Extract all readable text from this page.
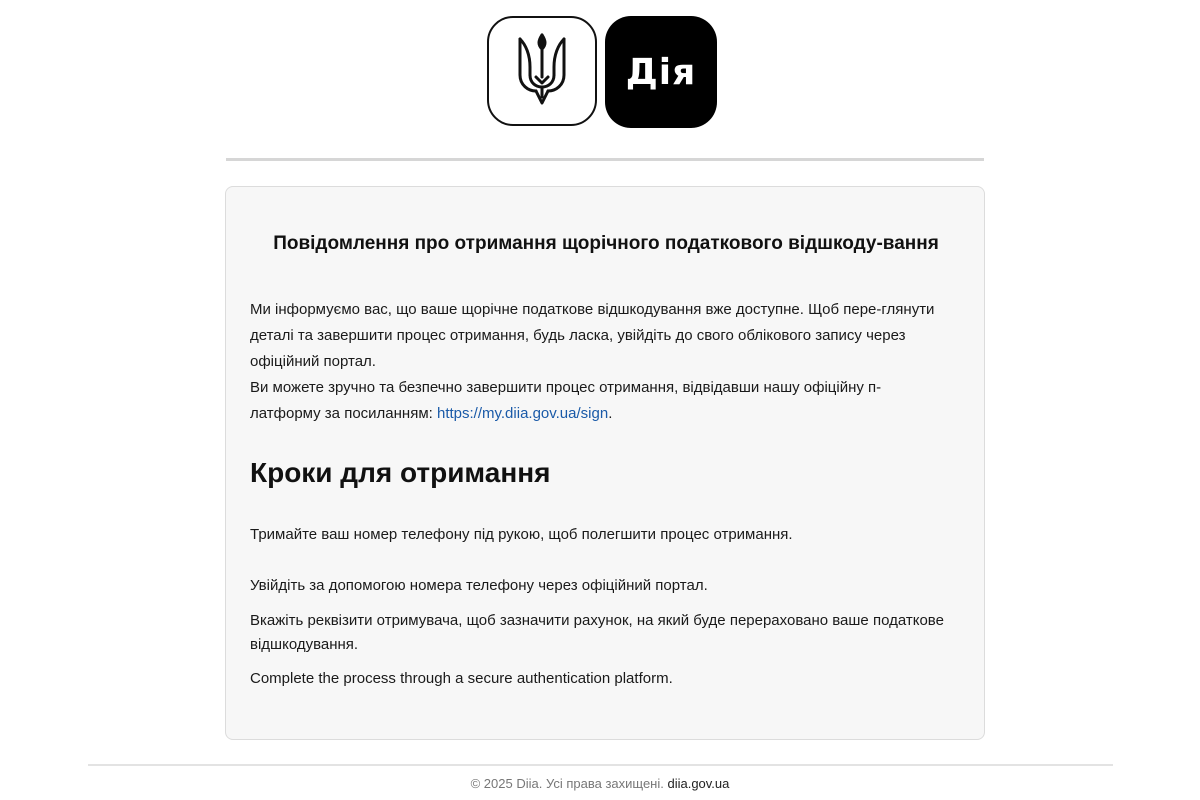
Дія
Повідомлення про отримання щорічного податкового відшкоду-вання

Ми інформуємо вас, що ваше щорічне податкове відшкодування вже доступне. Щоб пере-глянути деталі та завершити процес отримання, будь ласка, увійдіть до свого облікового запису через офіційний портал.

Ви можете зручно та безпечно завершити процес отримання, відвідавши нашу офіційну п-латформу за посиланням: https://my.diia.gov.ua/sign.

Кроки для отримання

Тримайте ваш номер телефону під рукою, щоб полегшити процес отримання.

Увійдіть за допомогою номера телефону через офіційний портал.

Вкажіть реквізити отримувача, щоб зазначити рахунок, на який буде перераховано ваше податкове відшкодування.

Complete the process through a secure authentication platform.

© 2025 Diia. Усі права захищені. diia.gov.ua
